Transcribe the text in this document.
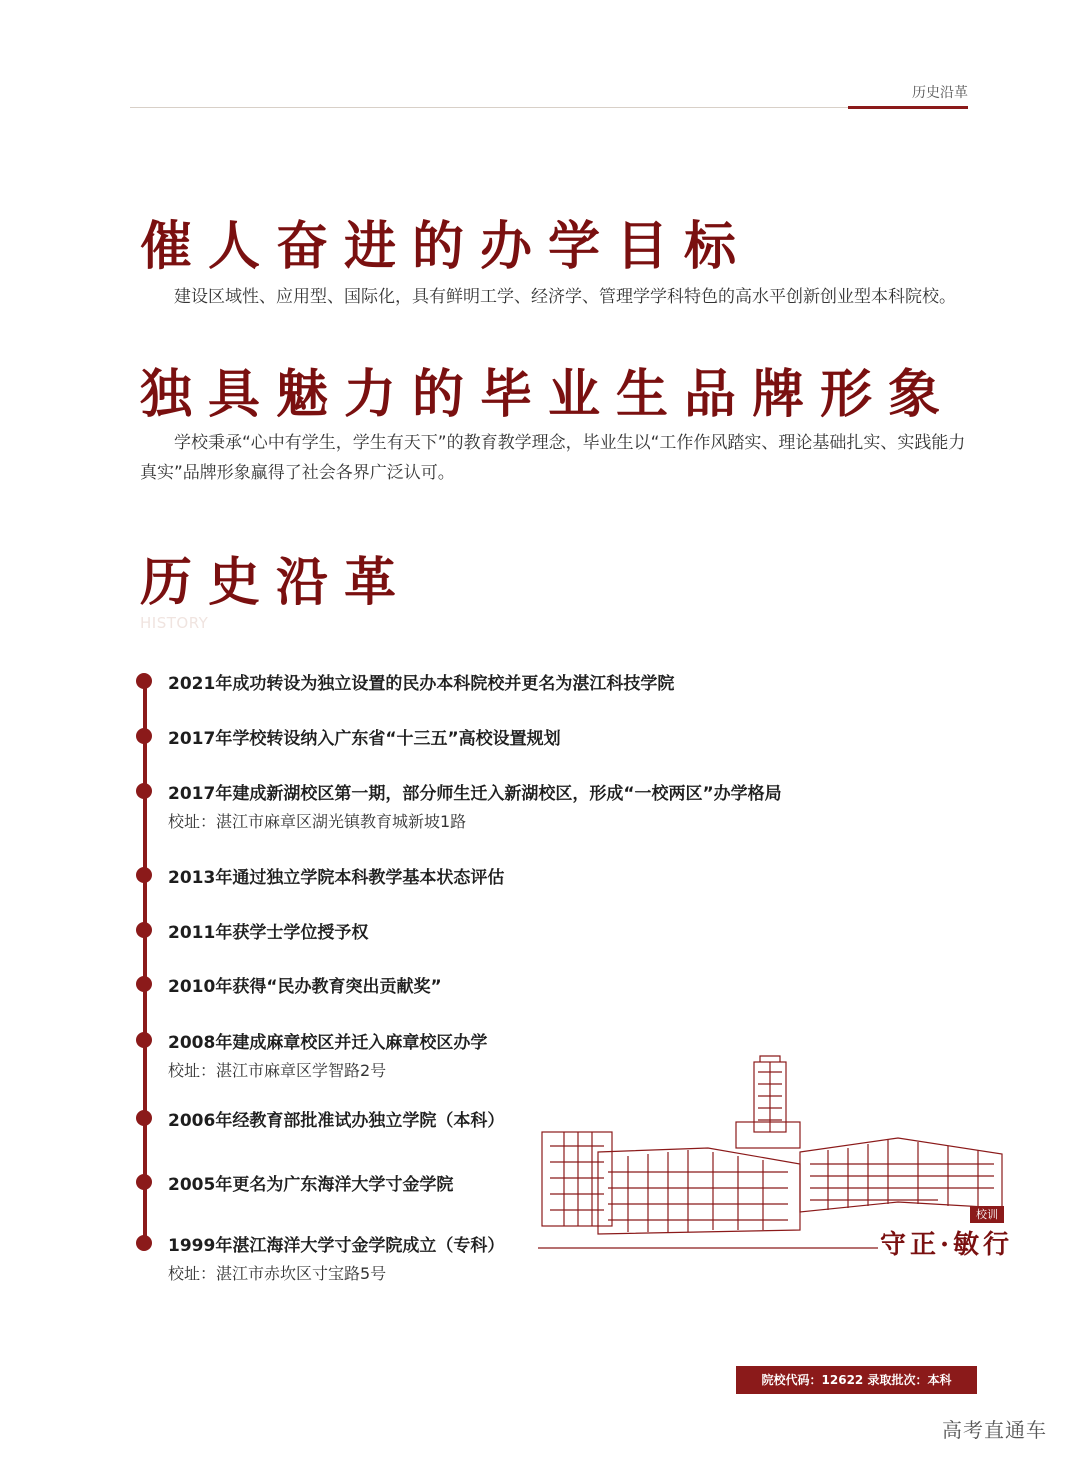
历史沿革
催人奋进的办学目标

建设区域性、应用型、国际化，具有鲜明工学、经济学、管理学学科特色的高水平创新创业型本科院校。

独具魅力的毕业生品牌形象

学校秉承“心中有学生，学生有天下”的教育教学理念，毕业生以“工作作风踏实、理论基础扎实、实践能力真实”品牌形象赢得了社会各界广泛认可。

历史沿革
HISTORY
2021年成功转设为独立设置的民办本科院校并更名为湛江科技学院
2017年学校转设纳入广东省“十三五”高校设置规划
2017年建成新湖校区第一期，部分师生迁入新湖校区，形成“一校两区”办学格局
校址：湛江市麻章区湖光镇教育城新坡1路
2013年通过独立学院本科教学基本状态评估
2011年获学士学位授予权
2010年获得“民办教育突出贡献奖”
2008年建成麻章校区并迁入麻章校区办学
校址：湛江市麻章区学智路2号
2006年经教育部批准试办独立学院（本科）
2005年更名为广东海洋大学寸金学院
1999年湛江海洋大学寸金学院成立（专科）
校址：湛江市赤坎区寸宝路5号
校训
守正·敏行
院校代码：12622 录取批次：本科
高考直通车
